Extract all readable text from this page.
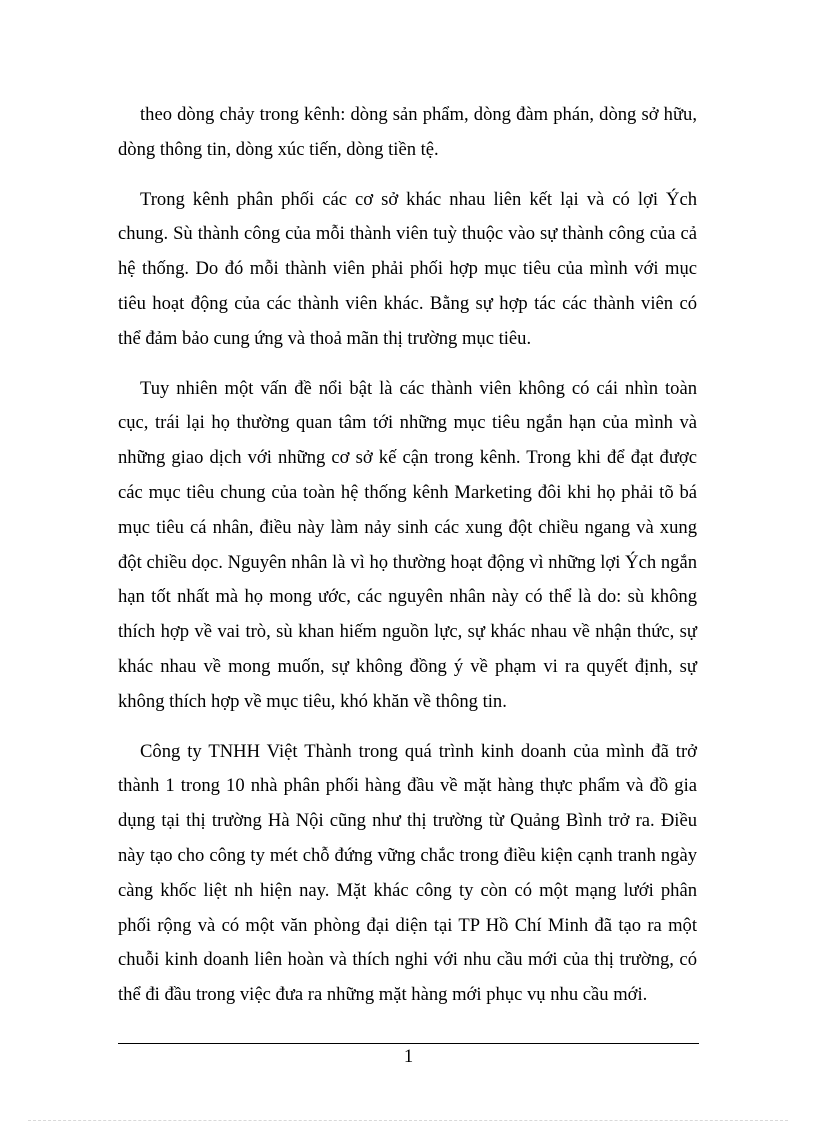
theo dòng chảy trong kênh: dòng sản phẩm, dòng đàm phán, dòng sở hữu, dòng thông tin, dòng xúc tiến, dòng tiền tệ.

Trong kênh phân phối các cơ sở khác nhau liên kết lại và có lợi Ých chung. Sù thành công của mỗi thành viên tuỳ thuộc vào sự thành công của cả hệ thống. Do đó mỗi thành viên phải phối hợp mục tiêu của mình với mục tiêu hoạt động của các thành viên khác. Bằng sự hợp tác các thành viên có thể đảm bảo cung ứng và thoả mãn thị trường mục tiêu.

Tuy nhiên một vấn đề nổi bật là các thành viên không có cái nhìn toàn cục, trái lại họ thường quan tâm tới những mục tiêu ngắn hạn của mình và những giao dịch với những cơ sở kế cận trong kênh. Trong khi để đạt được các mục tiêu chung của toàn hệ thống kênh Marketing đôi khi họ phải tõ bá mục tiêu cá nhân, điều này làm nảy sinh các xung đột chiều ngang và xung đột chiều dọc. Nguyên nhân là vì họ thường hoạt động vì những lợi Ých ngắn hạn tốt nhất mà họ mong ước, các nguyên nhân này có thể là do: sù không thích hợp về vai trò, sù khan hiếm nguồn lực, sự khác nhau về nhận thức, sự khác nhau về mong muốn, sự không đồng ý về phạm vi ra quyết định, sự không thích hợp về mục tiêu, khó khăn về thông tin.

Công ty TNHH Việt Thành trong quá trình kinh doanh của mình đã trở thành 1 trong 10 nhà phân phối hàng đầu về mặt hàng thực phẩm và đồ gia dụng tại thị trường Hà Nội cũng như thị trường từ Quảng Bình trở ra. Điều này tạo cho công ty mét chỗ đứng vững chắc trong điều kiện cạnh tranh ngày càng khốc liệt nh hiện nay. Mặt khác công ty còn có một mạng lưới phân phối rộng và có một văn phòng đại diện tại TP Hồ Chí Minh đã tạo ra một chuỗi kinh doanh liên hoàn và thích nghi với nhu cầu mới của thị trường, có thể đi đầu trong việc đưa ra những mặt hàng mới phục vụ nhu cầu mới.

1
